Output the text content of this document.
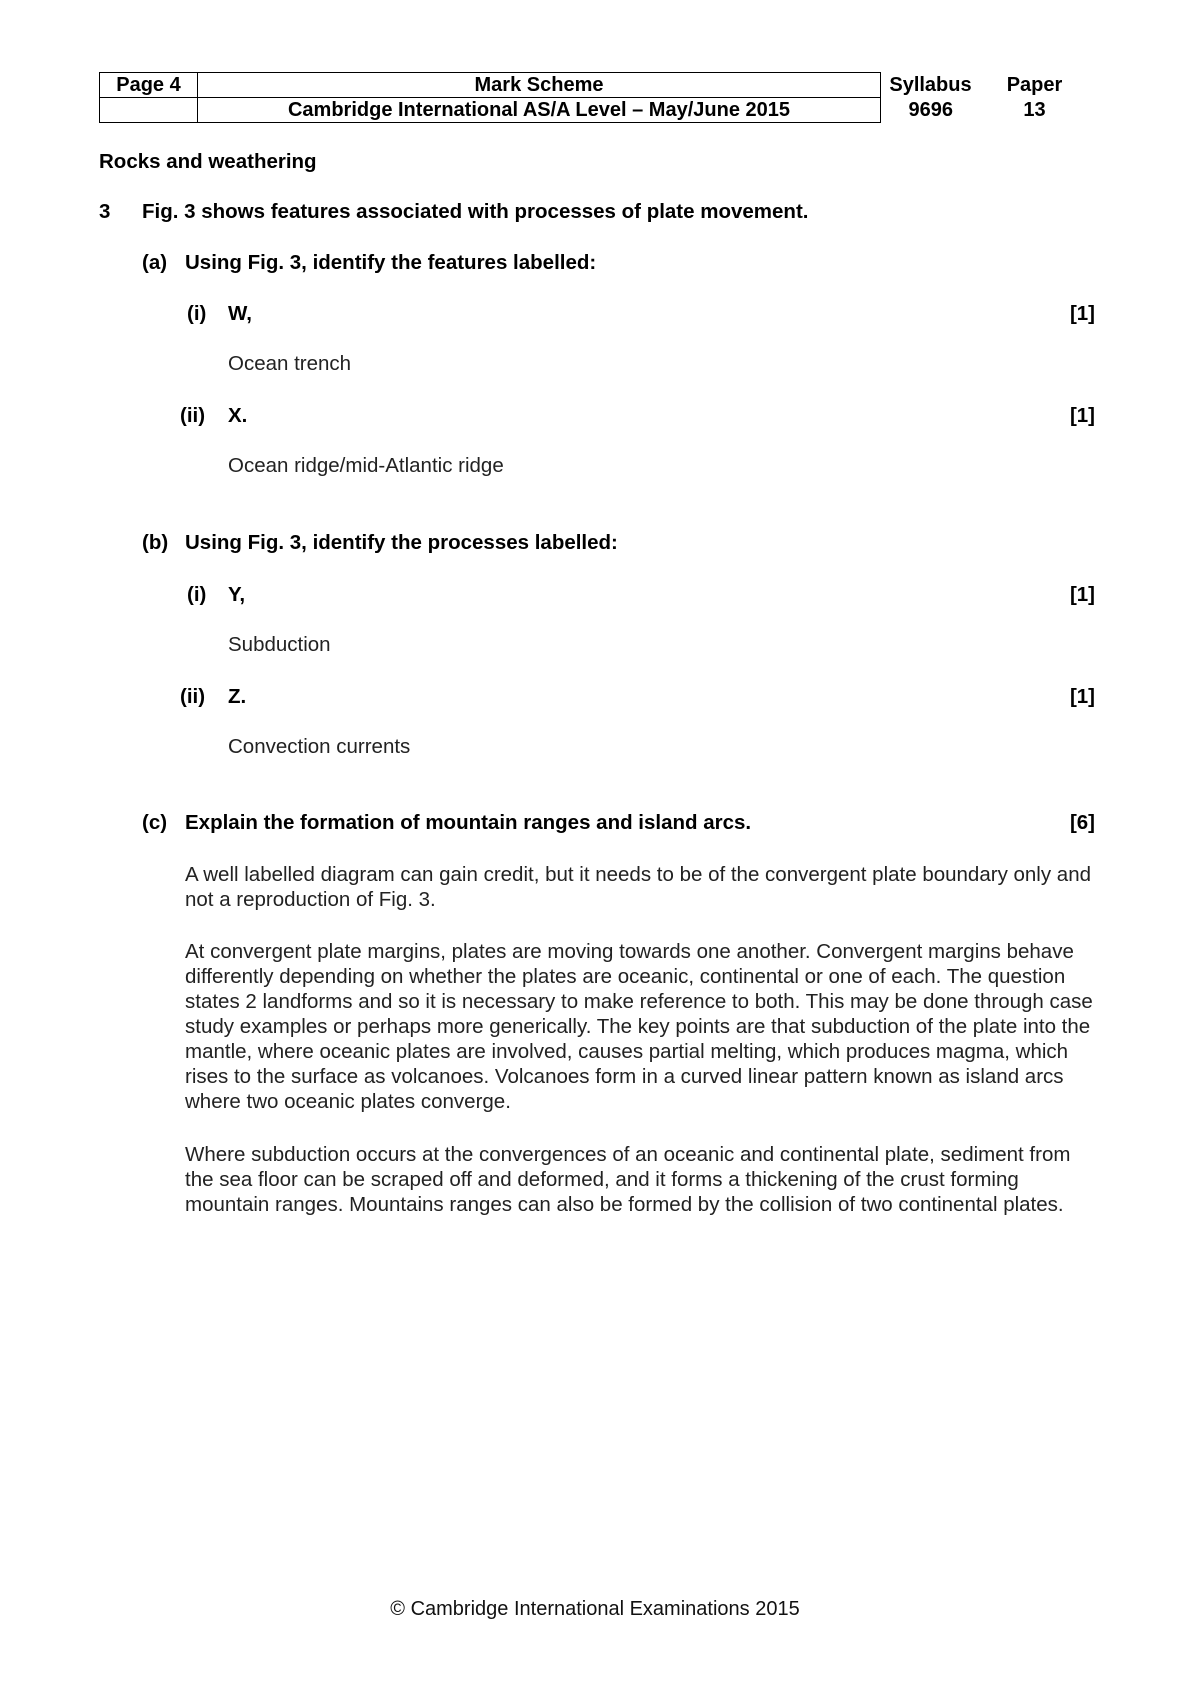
Page 4	Mark Scheme	Syllabus	Paper
	Cambridge International AS/A Level – May/June 2015	9696	13
Rocks and weathering
3 Fig. 3 shows features associated with processes of plate movement.
(a) Using Fig. 3, identify the features labelled:
(i) W,	[1]
Ocean trench
(ii) X.	[1]
Ocean ridge/mid-Atlantic ridge
(b) Using Fig. 3, identify the processes labelled:
(i) Y,	[1]
Subduction
(ii) Z.	[1]
Convection currents
(c) Explain the formation of mountain ranges and island arcs.	[6]
A well labelled diagram can gain credit, but it needs to be of the convergent plate boundary only and not a reproduction of Fig. 3.
At convergent plate margins, plates are moving towards one another. Convergent margins behave differently depending on whether the plates are oceanic, continental or one of each. The question states 2 landforms and so it is necessary to make reference to both. This may be done through case study examples or perhaps more generically. The key points are that subduction of the plate into the mantle, where oceanic plates are involved, causes partial melting, which produces magma, which rises to the surface as volcanoes. Volcanoes form in a curved linear pattern known as island arcs where two oceanic plates converge.
Where subduction occurs at the convergences of an oceanic and continental plate, sediment from the sea floor can be scraped off and deformed, and it forms a thickening of the crust forming mountain ranges. Mountains ranges can also be formed by the collision of two continental plates.
© Cambridge International Examinations 2015
